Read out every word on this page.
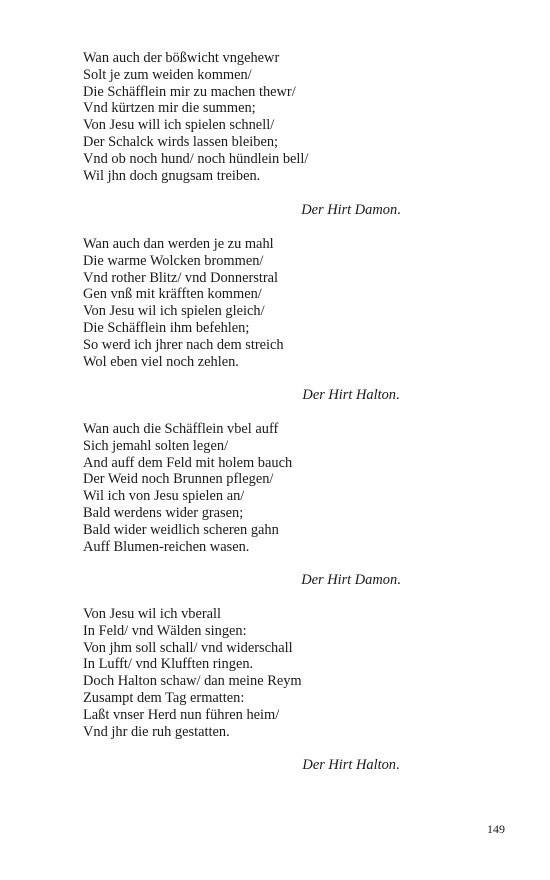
Wan auch der bößwicht vngehewr
Solt je zum weiden kommen/
Die Schäfflein mir zu machen thewr/
Vnd kürtzen mir die summen;
Von Jesu will ich spielen schnell/
Der Schalck wirds lassen bleiben;
Vnd ob noch hund/ noch hündlein bell/
Wil jhn doch gnugsam treiben.
Der Hirt Damon.
Wan auch dan werden je zu mahl
Die warme Wolcken brommen/
Vnd rother Blitz/ vnd Donnerstral
Gen vnß mit kräfften kommen/
Von Jesu wil ich spielen gleich/
Die Schäfflein ihm befehlen;
So werd ich jhrer nach dem streich
Wol eben viel noch zehlen.
Der Hirt Halton.
Wan auch die Schäfflein vbel auff
Sich jemahl solten legen/
And auff dem Feld mit holem bauch
Der Weid noch Brunnen pflegen/
Wil ich von Jesu spielen an/
Bald werdens wider grasen;
Bald wider weidlich scheren gahn
Auff Blumen-reichen wasen.
Der Hirt Damon.
Von Jesu wil ich vberall
In Feld/ vnd Wälden singen:
Von jhm soll schall/ vnd widerschall
In Lufft/ vnd Klufften ringen.
Doch Halton schaw/ dan meine Reym
Zusampt dem Tag ermatten:
Laßt vnser Herd nun führen heim/
Vnd jhr die ruh gestatten.
Der Hirt Halton.
149
